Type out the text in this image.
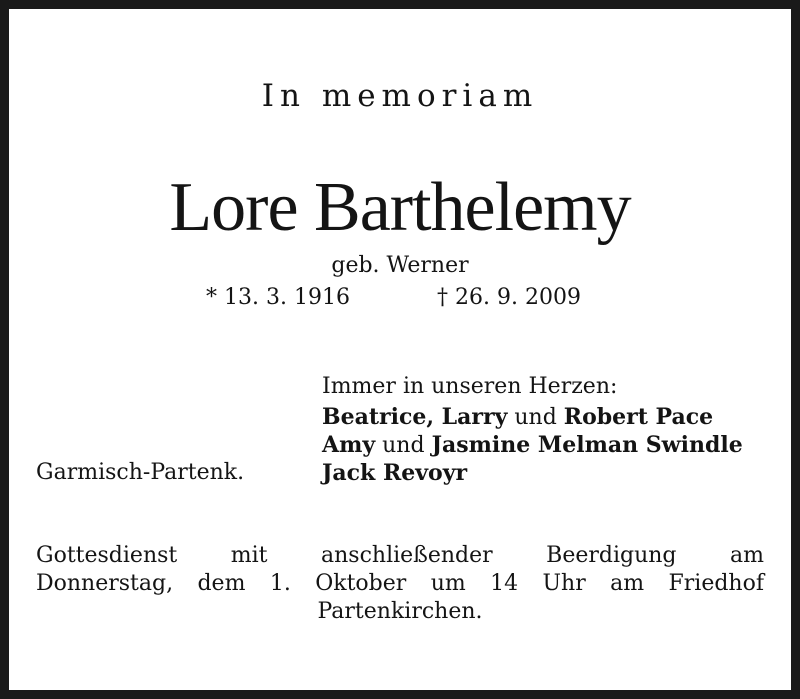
In memoriam
Lore Barthelemy
geb. Werner
* 13. 3. 1916	† 26. 9. 2009
Immer in unseren Herzen:
Beatrice, Larry und Robert Pace
Amy und Jasmine Melman Swindle
Jack Revoyr
Garmisch-Partenk.
Gottesdienst mit anschließender Beerdigung am
Donnerstag, dem 1. Oktober um 14 Uhr am Friedhof
Partenkirchen.
